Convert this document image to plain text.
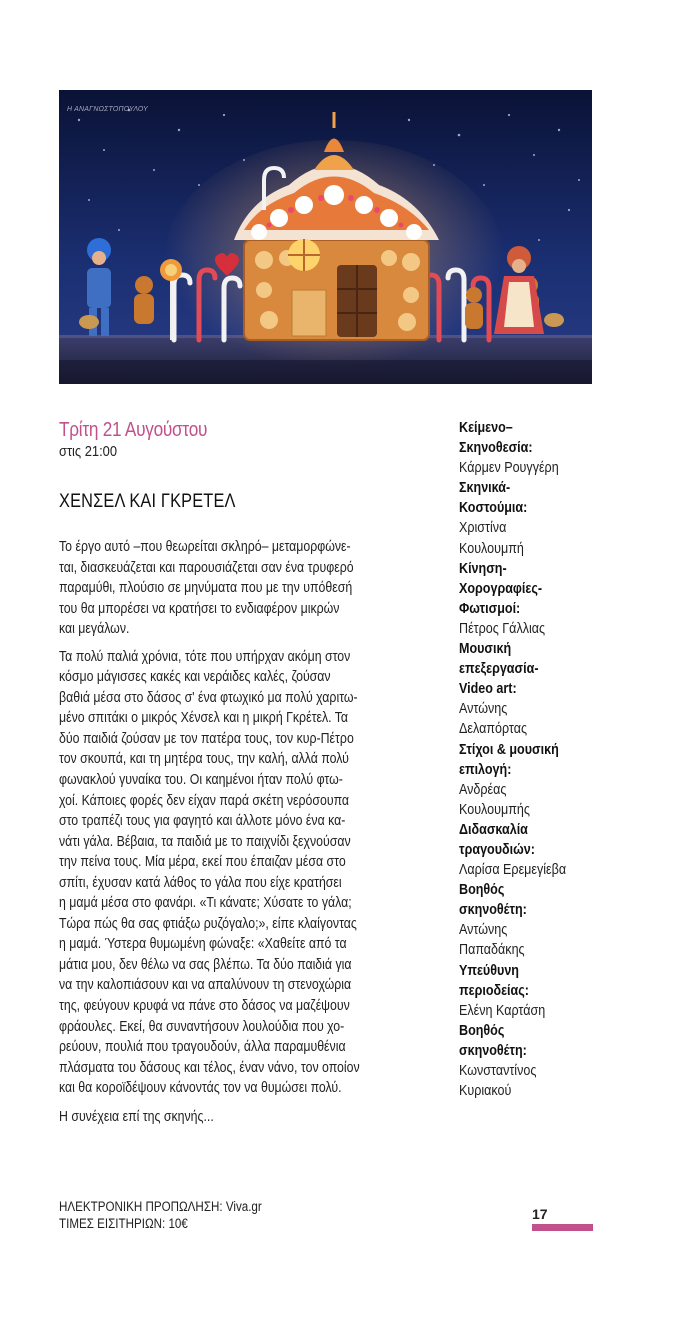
Η ΑΝΑΓΝΩΣΤΟΠΟΥΛΟΥ

Τρίτη 21 Αυγούστου

στις 21:00

ΧΕΝΣΕΛ ΚΑΙ ΓΚΡΕΤΕΛ
Το έργο αυτό –που θεωρείται σκληρό– μεταμορφώνε-
ται, διασκευάζεται και παρουσιάζεται σαν ένα τρυφερό
παραμύθι, πλούσιο σε μηνύματα που με την υπόθεσή
του θα μπορέσει να κρατήσει το ενδιαφέρον μικρών
και μεγάλων.
Τα πολύ παλιά χρόνια, τότε που υπήρχαν ακόμη στον
κόσμο μάγισσες κακές και νεράιδες καλές, ζούσαν
βαθιά μέσα στο δάσος σ' ένα φτωχικό μα πολύ χαριτω-
μένο σπιτάκι ο μικρός Χένσελ και η μικρή Γκρέτελ. Τα
δύο παιδιά ζούσαν με τον πατέρα τους, τον κυρ-Πέτρο
τον σκουπά, και τη μητέρα τους, την καλή, αλλά πολύ
φωνακλού γυναίκα του. Οι καημένοι ήταν πολύ φτω-
χοί. Κάποιες φορές δεν είχαν παρά σκέτη νερόσουπα
στο τραπέζι τους για φαγητό και άλλοτε μόνο ένα κα-
νάτι γάλα. Βέβαια, τα παιδιά με το παιχνίδι ξεχνούσαν
την πείνα τους. Μία μέρα, εκεί που έπαιζαν μέσα στο
σπίτι, έχυσαν κατά λάθος το γάλα που είχε κρατήσει
η μαμά μέσα στο φανάρι. «Τι κάνατε; Χύσατε το γάλα;
Τώρα πώς θα σας φτιάξω ρυζόγαλο;», είπε κλαίγοντας
η μαμά. Ύστερα θυμωμένη φώναξε: «Χαθείτε από τα
μάτια μου, δεν θέλω να σας βλέπω. Τα δύο παιδιά για
να την καλοπιάσουν και να απαλύνουν τη στενοχώρια
της, φεύγουν κρυφά να πάνε στο δάσος να μαζέψουν
φράουλες. Εκεί, θα συναντήσουν λουλούδια που χο-
ρεύουν, πουλιά που τραγουδούν, άλλα παραμυθένια
πλάσματα του δάσους και τέλος, έναν νάνο, τον οποίον
και θα κοροϊδέψουν κάνοντάς τον να θυμώσει πολύ.
Η συνέχεια επί της σκηνής...
Κείμενο–
Σκηνοθεσία:
Κάρμεν Ρουγγέρη
Σκηνικά-
Κοστούμια:
Χριστίνα
Κουλουμπή
Κίνηση-
Χορογραφίες-
Φωτισμοί:
Πέτρος Γάλλιας
Μουσική
επεξεργασία-
Video art:
Αντώνης
Δελαπόρτας
Στίχοι & μουσική
επιλογή:
Ανδρέας
Κουλουμπής
Διδασκαλία
τραγουδιών:
Λαρίσα Ερεμεγίεβα
Βοηθός
σκηνοθέτη:
Αντώνης
Παπαδάκης
Υπεύθυνη
περιοδείας:
Ελένη Καρτάση
Βοηθός
σκηνοθέτη:
Κωνσταντίνος
Κυριακού
ΗΛΕΚΤΡΟΝΙΚΗ ΠΡΟΠΩΛΗΣΗ: Viva.gr
ΤΙΜΕΣ ΕΙΣΙΤΗΡΙΩΝ: 10€
17
